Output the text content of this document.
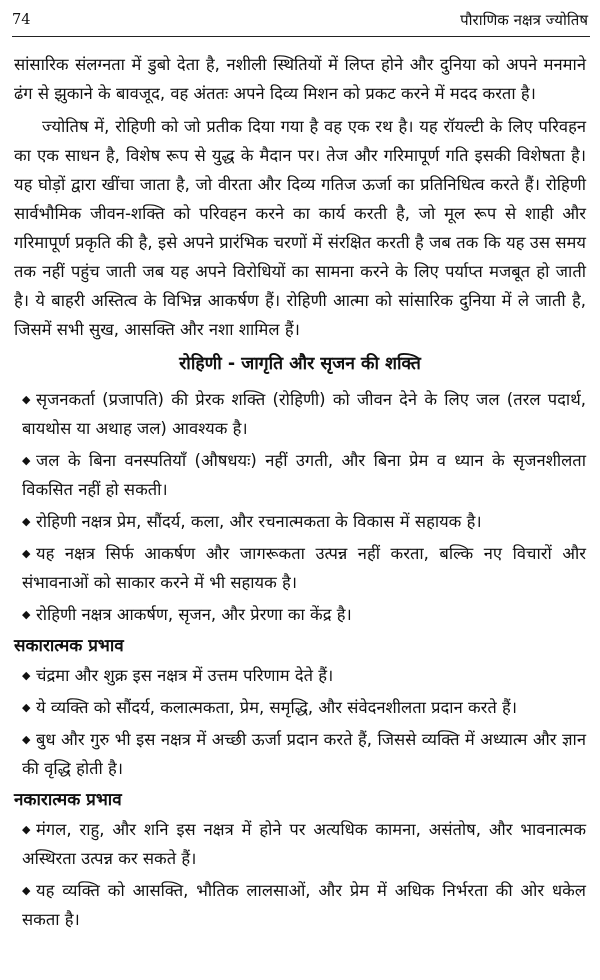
74	पौराणिक नक्षत्र ज्योतिष

सांसारिक संलग्नता में डुबो देता है, नशीली स्थितियों में लिप्त होने और दुनिया को अपने मनमाने ढंग से झुकाने के बावजूद, वह अंततः अपने दिव्य मिशन को प्रकट करने में मदद करता है।

ज्योतिष में, रोहिणी को जो प्रतीक दिया गया है वह एक रथ है। यह रॉयल्टी के लिए परिवहन का एक साधन है, विशेष रूप से युद्ध के मैदान पर। तेज और गरिमापूर्ण गति इसकी विशेषता है। यह घोड़ों द्वारा खींचा जाता है, जो वीरता और दिव्य गतिज ऊर्जा का प्रतिनिधित्व करते हैं। रोहिणी सार्वभौमिक जीवन-शक्ति को परिवहन करने का कार्य करती है, जो मूल रूप से शाही और गरिमापूर्ण प्रकृति की है, इसे अपने प्रारंभिक चरणों में संरक्षित करती है जब तक कि यह उस समय तक नहीं पहुंच जाती जब यह अपने विरोधियों का सामना करने के लिए पर्याप्त मजबूत हो जाती है। ये बाहरी अस्तित्व के विभिन्न आकर्षण हैं। रोहिणी आत्मा को सांसारिक दुनिया में ले जाती है, जिसमें सभी सुख, आसक्ति और नशा शामिल हैं।

रोहिणी - जागृति और सृजन की शक्ति
◆ सृजनकर्ता (प्रजापति) की प्रेरक शक्ति (रोहिणी) को जीवन देने के लिए जल (तरल पदार्थ, बायथोस या अथाह जल) आवश्यक है।
◆ जल के बिना वनस्पतियाँ (औषधयः) नहीं उगती, और बिना प्रेम व ध्यान के सृजनशीलता विकसित नहीं हो सकती।
◆ रोहिणी नक्षत्र प्रेम, सौंदर्य, कला, और रचनात्मकता के विकास में सहायक है।
◆ यह नक्षत्र सिर्फ आकर्षण और जागरूकता उत्पन्न नहीं करता, बल्कि नए विचारों और संभावनाओं को साकार करने में भी सहायक है।
◆ रोहिणी नक्षत्र आकर्षण, सृजन, और प्रेरणा का केंद्र है।
सकारात्मक प्रभाव
◆ चंद्रमा और शुक्र इस नक्षत्र में उत्तम परिणाम देते हैं।
◆ ये व्यक्ति को सौंदर्य, कलात्मकता, प्रेम, समृद्धि, और संवेदनशीलता प्रदान करते हैं।
◆ बुध और गुरु भी इस नक्षत्र में अच्छी ऊर्जा प्रदान करते हैं, जिससे व्यक्ति में अध्यात्म और ज्ञान की वृद्धि होती है।
नकारात्मक प्रभाव
◆ मंगल, राहु, और शनि इस नक्षत्र में होने पर अत्यधिक कामना, असंतोष, और भावनात्मक अस्थिरता उत्पन्न कर सकते हैं।
◆ यह व्यक्ति को आसक्ति, भौतिक लालसाओं, और प्रेम में अधिक निर्भरता की ओर धकेल सकता है।
